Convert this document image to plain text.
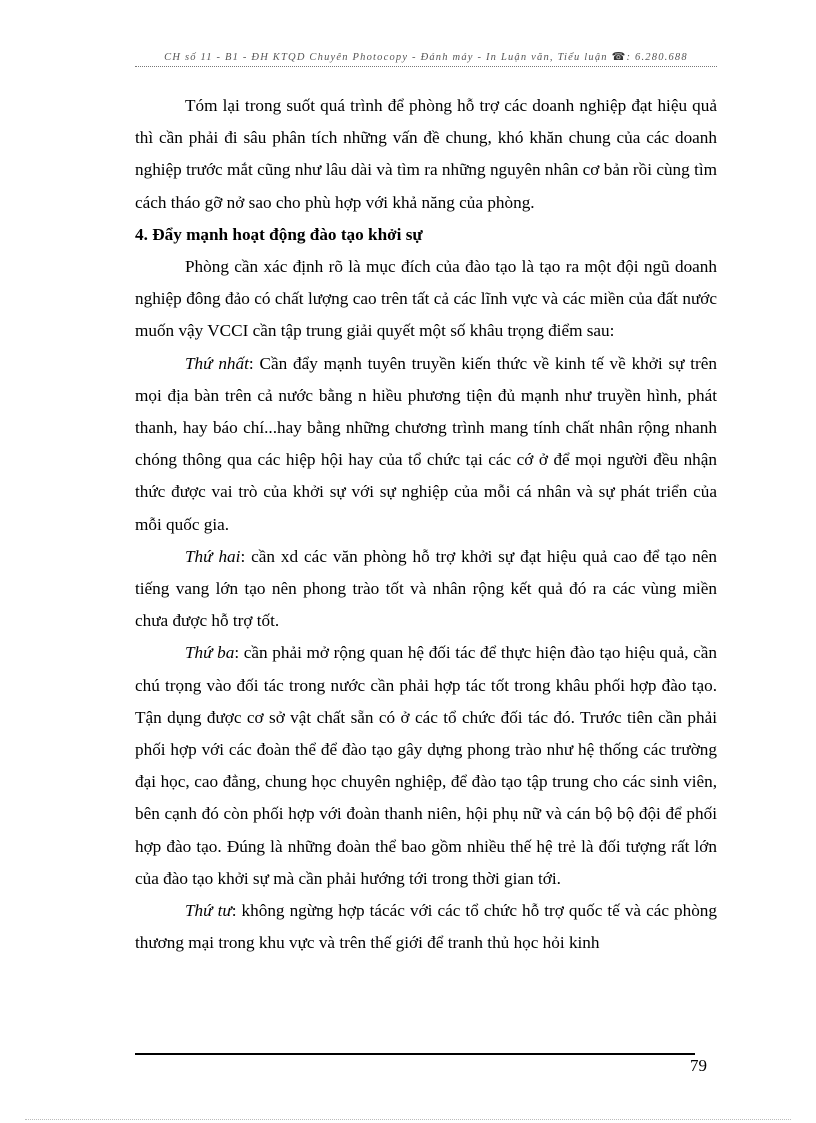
CH số 11 - B1 - ĐH KTQD Chuyên Photocopy - Đánh máy - In Luận văn, Tiểu luận ☎: 6.280.688

Tóm lại trong suốt quá trình để phòng hỗ trợ các doanh nghiệp đạt hiệu quả thì cần phải đi sâu phân tích những vấn đề chung, khó khăn chung của các doanh nghiệp trước mắt cũng như lâu dài và tìm ra những nguyên nhân cơ bản rồi cùng tìm cách tháo gỡ nở sao cho phù hợp với khả năng của phòng.

4. Đẩy mạnh hoạt động đào tạo khởi sự

Phòng cần xác định rõ là mục đích của đào tạo là tạo ra một đội ngũ doanh nghiệp đông đảo có chất lượng cao trên tất cả các lĩnh vực và các miền của đất nước muốn vậy VCCI cần tập trung giải quyết một số khâu trọng điểm sau:

Thứ nhất: Cần đẩy mạnh tuyên truyền kiến thức về kinh tế về khởi sự trên mọi địa bàn trên cả nước bằng n hiều phương tiện đủ mạnh như truyền hình, phát thanh, hay báo chí...hay bằng những chương trình mang tính chất nhân rộng nhanh chóng thông qua các hiệp hội hay của tổ chức tại các cớ ở để mọi người đều nhận thức được vai trò của khởi sự với sự nghiệp của mỗi cá nhân và sự phát triển của mỗi quốc gia.

Thứ hai: cần xd các văn phòng hỗ trợ khởi sự đạt hiệu quả cao để tạo nên tiếng vang lớn tạo nên phong trào tốt và nhân rộng kết quả đó ra các vùng miền chưa được hỗ trợ tốt.

Thứ ba: cần phải mở rộng quan hệ đối tác để thực hiện đào tạo hiệu quả, cần chú trọng vào đối tác trong nước cần phải hợp tác tốt trong khâu phối hợp đào tạo. Tận dụng được cơ sở vật chất sẵn có ở các tổ chức đối tác đó. Trước tiên cần phải phối hợp với các đoàn thể để đào tạo gây dựng phong trào như hệ thống các trường đại học, cao đẳng, chung học chuyên nghiệp, để đào tạo tập trung cho các sinh viên, bên cạnh đó còn phối hợp với đoàn thanh niên, hội phụ nữ và cán bộ bộ đội để phối hợp đào tạo. Đúng là những đoàn thể bao gồm nhiều thế hệ trẻ là đối tượng rất lớn của đào tạo khởi sự mà cần phải hướng tới trong thời gian tới.

Thứ tư: không ngừng hợp tácác với các tổ chức hỗ trợ quốc tế và các phòng thương mại trong khu vực và trên thế giới để tranh thủ học hỏi kinh

79
